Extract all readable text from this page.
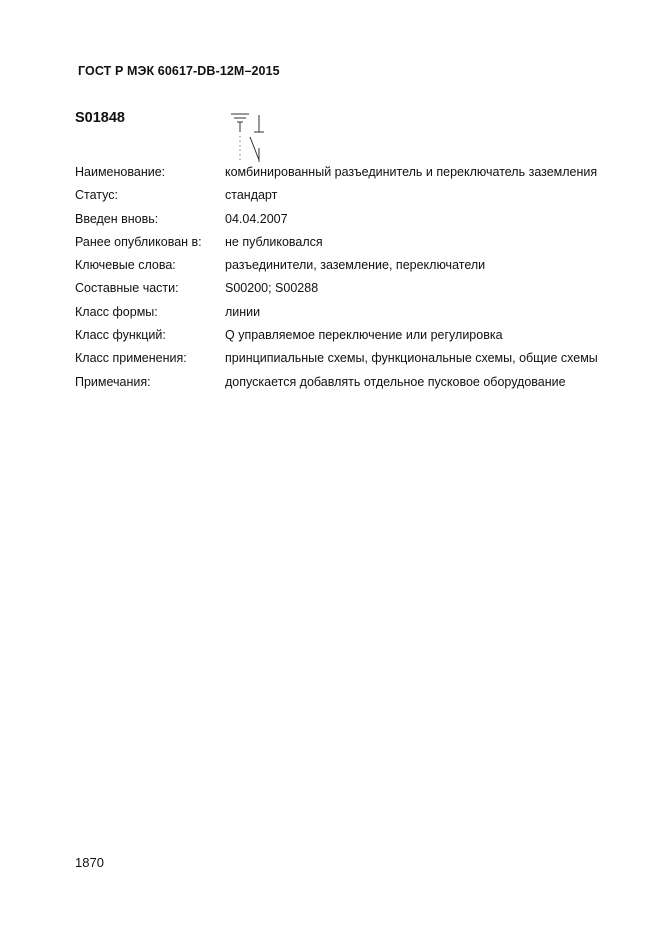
ГОСТ Р МЭК 60617-DB-12M–2015
S01848
Наименование:	комбинированный разъединитель и переключатель заземления
Статус:	стандарт
Введен вновь:	04.04.2007
Ранее опубликован в: не публиковался
Ключевые слова:	разъединители, заземление, переключатели
Составные части:	S00200; S00288
Класс формы:	линии
Класс функций:	Q управляемое переключение или регулировка
Класс применения:	принципиальные схемы, функциональные схемы, общие схемы
Примечания:	допускается добавлять отдельное пусковое оборудование
1870
